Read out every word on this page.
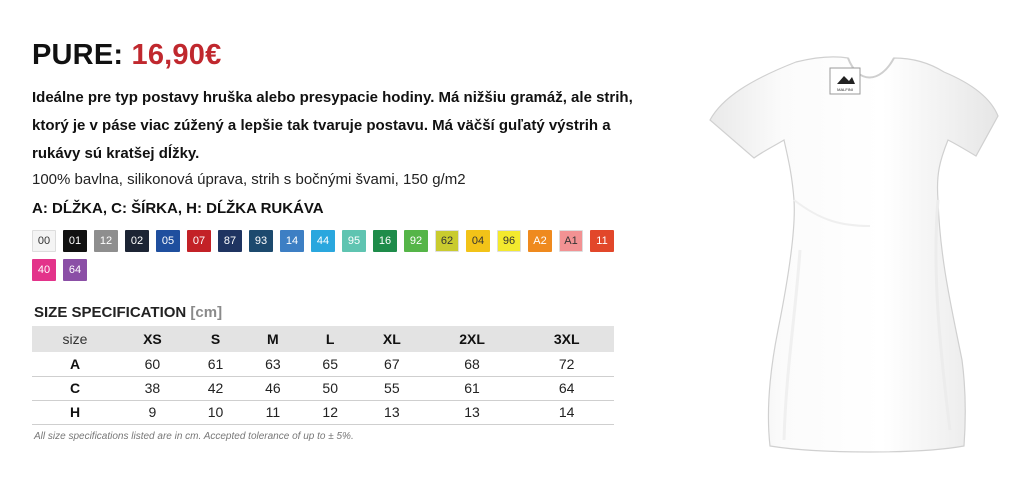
PURE: 16,90€

Ideálne pre typ postavy hruška alebo presypacie hodiny. Má nižšiu gramáž, ale strih, ktorý je v páse viac zúžený a lepšie tak tvaruje postavu. Má väčší guľatý výstrih a rukávy sú kratšej dĺžky.

100% bavlna, silikonová úprava, strih s bočnými švami, 150 g/m2

A: DĹŽKA, C: ŠÍRKA, H: DĹŽKA RUKÁVA

00	01	12	02	05	07	87	93	14	44	95	16	92	62	04	96	A2	A1	11
40	64
SIZE SPECIFICATION [cm]
size	XS	S	M	L	XL	2XL	3XL
A	60	61	63	65	67	68	72
C	38	42	46	50	55	61	64
H	9	10	11	12	13	13	14

All size specifications listed are in cm. Accepted tolerance of up to ± 5%.

MALFINI
